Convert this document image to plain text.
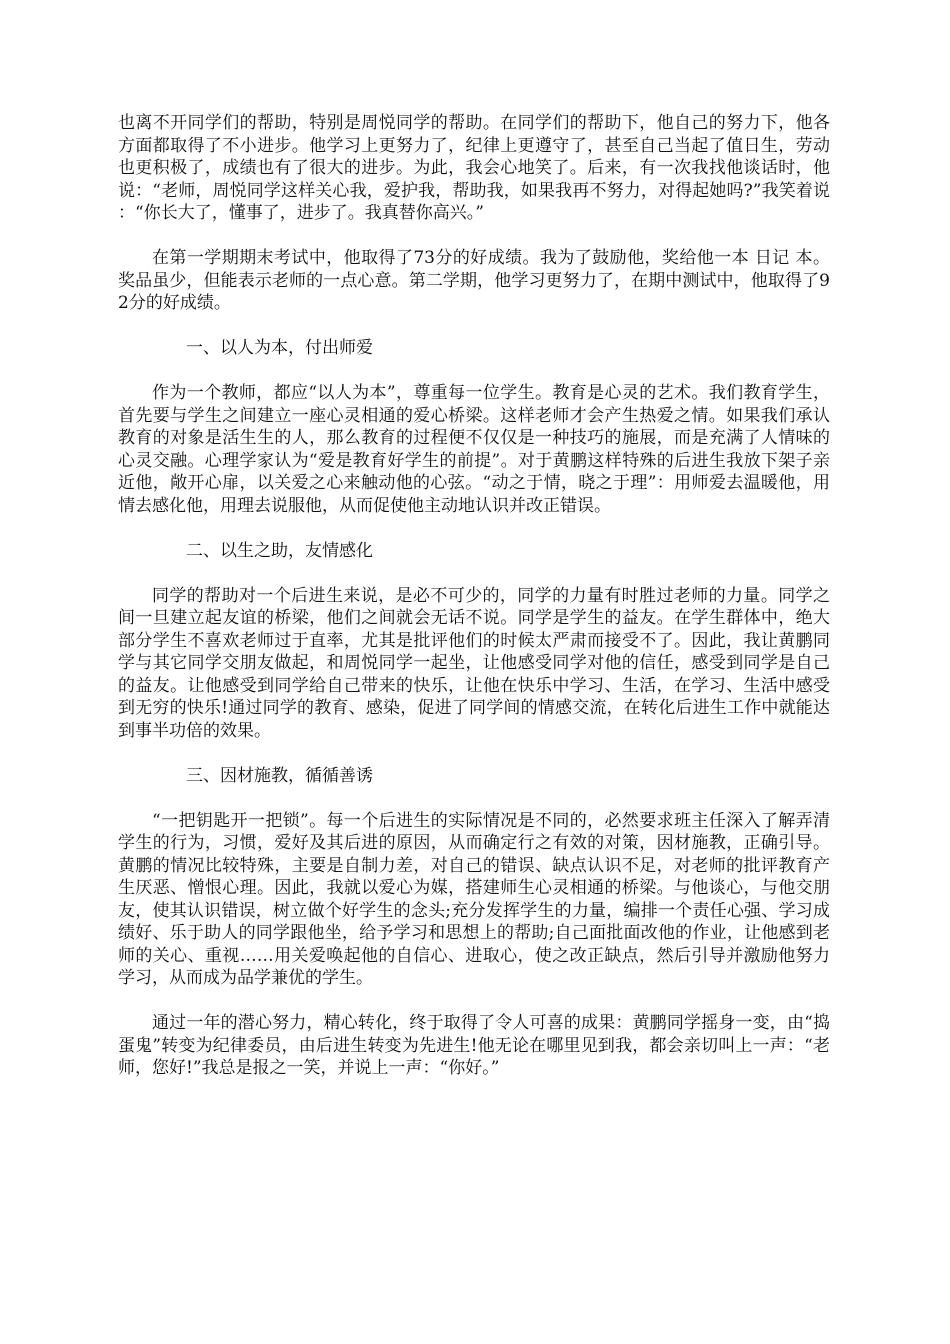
也离不开同学们的帮助，特别是周悦同学的帮助。在同学们的帮助下，他自己的努力下，他各方面都取得了不小进步。他学习上更努力了，纪律上更遵守了，甚至自己当起了值日生，劳动也更积极了，成绩也有了很大的进步。为此，我会心地笑了。后来，有一次我找他谈话时，他说：“老师，周悦同学这样关心我，爱护我，帮助我，如果我再不努力，对得起她吗?”我笑着说：“你长大了，懂事了，进步了。我真替你高兴。”

在第一学期期末考试中，他取得了73分的好成绩。我为了鼓励他，奖给他一本 日记 本。奖品虽少，但能表示老师的一点心意。第二学期，他学习更努力了，在期中测试中，他取得了92分的好成绩。

一、以人为本，付出师爱

作为一个教师，都应“以人为本”，尊重每一位学生。教育是心灵的艺术。我们教育学生，首先要与学生之间建立一座心灵相通的爱心桥梁。这样老师才会产生热爱之情。如果我们承认教育的对象是活生生的人，那么教育的过程便不仅仅是一种技巧的施展，而是充满了人情味的心灵交融。心理学家认为“爱是教育好学生的前提”。对于黄鹏这样特殊的后进生我放下架子亲近他，敞开心扉，以关爱之心来触动他的心弦。“动之于情，晓之于理”：用师爱去温暖他，用情去感化他，用理去说服他，从而促使他主动地认识并改正错误。

二、以生之助，友情感化

同学的帮助对一个后进生来说，是必不可少的，同学的力量有时胜过老师的力量。同学之间一旦建立起友谊的桥梁，他们之间就会无话不说。同学是学生的益友。在学生群体中，绝大部分学生不喜欢老师过于直率，尤其是批评他们的时候太严肃而接受不了。因此，我让黄鹏同学与其它同学交朋友做起，和周悦同学一起坐，让他感受同学对他的信任，感受到同学是自己的益友。让他感受到同学给自己带来的快乐，让他在快乐中学习、生活，在学习、生活中感受到无穷的快乐!通过同学的教育、感染，促进了同学间的情感交流，在转化后进生工作中就能达到事半功倍的效果。

三、因材施教，循循善诱

“一把钥匙开一把锁”。每一个后进生的实际情况是不同的，必然要求班主任深入了解弄清学生的行为，习惯，爱好及其后进的原因，从而确定行之有效的对策，因材施教，正确引导。黄鹏的情况比较特殊，主要是自制力差，对自己的错误、缺点认识不足，对老师的批评教育产生厌恶、憎恨心理。因此，我就以爱心为媒，搭建师生心灵相通的桥梁。与他谈心，与他交朋友，使其认识错误，树立做个好学生的念头;充分发挥学生的力量，编排一个责任心强、学习成绩好、乐于助人的同学跟他坐，给予学习和思想上的帮助;自己面批面改他的作业，让他感到老师的关心、重视……用关爱唤起他的自信心、进取心，使之改正缺点，然后引导并激励他努力学习，从而成为品学兼优的学生。

通过一年的潜心努力，精心转化，终于取得了令人可喜的成果：黄鹏同学摇身一变，由“捣蛋鬼”转变为纪律委员，由后进生转变为先进生!他无论在哪里见到我，都会亲切叫上一声：“老师，您好!”我总是报之一笑，并说上一声：“你好。”
